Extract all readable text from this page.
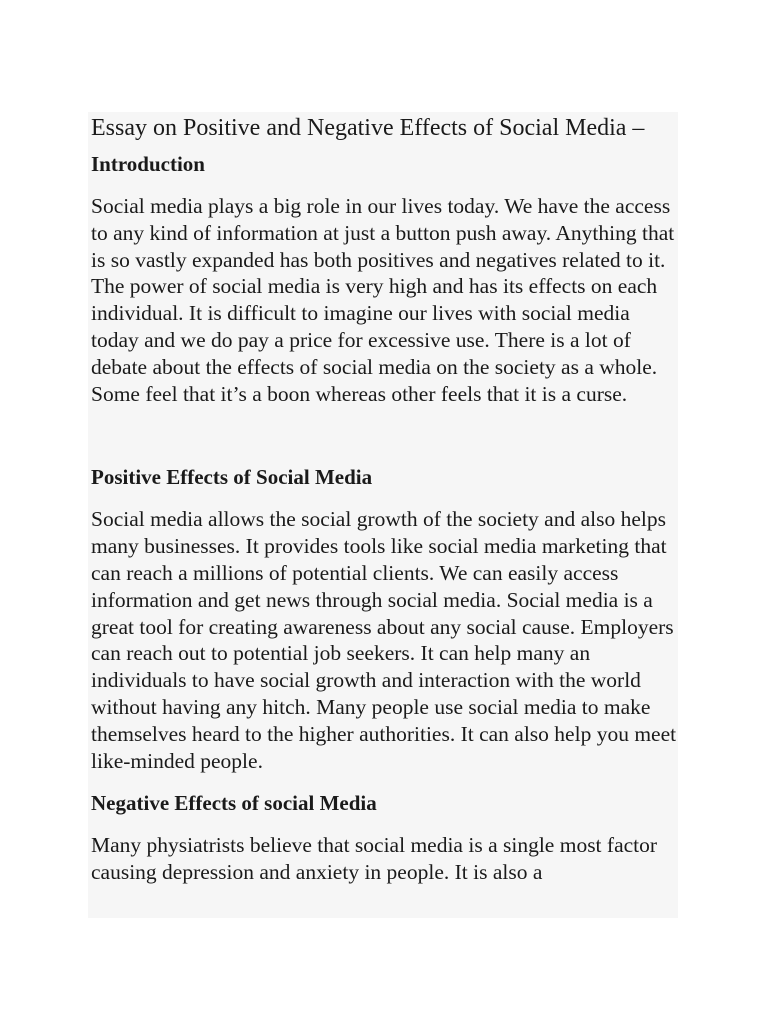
Essay on Positive and Negative Effects of Social Media –
Introduction

Social media plays a big role in our lives today. We have the access to any kind of information at just a button push away. Anything that is so vastly expanded has both positives and negatives related to it. The power of social media is very high and has its effects on each individual. It is difficult to imagine our lives with social media today and we do pay a price for excessive use. There is a lot of debate about the effects of social media on the society as a whole. Some feel that it’s a boon whereas other feels that it is a curse.

Positive Effects of Social Media

Social media allows the social growth of the society and also helps many businesses. It provides tools like social media marketing that can reach a millions of potential clients. We can easily access information and get news through social media. Social media is a great tool for creating awareness about any social cause. Employers can reach out to potential job seekers. It can help many an individuals to have social growth and interaction with the world without having any hitch. Many people use social media to make themselves heard to the higher authorities. It can also help you meet like-minded people.

Negative Effects of social Media

Many physiatrists believe that social media is a single most factor causing depression and anxiety in people. It is also a
